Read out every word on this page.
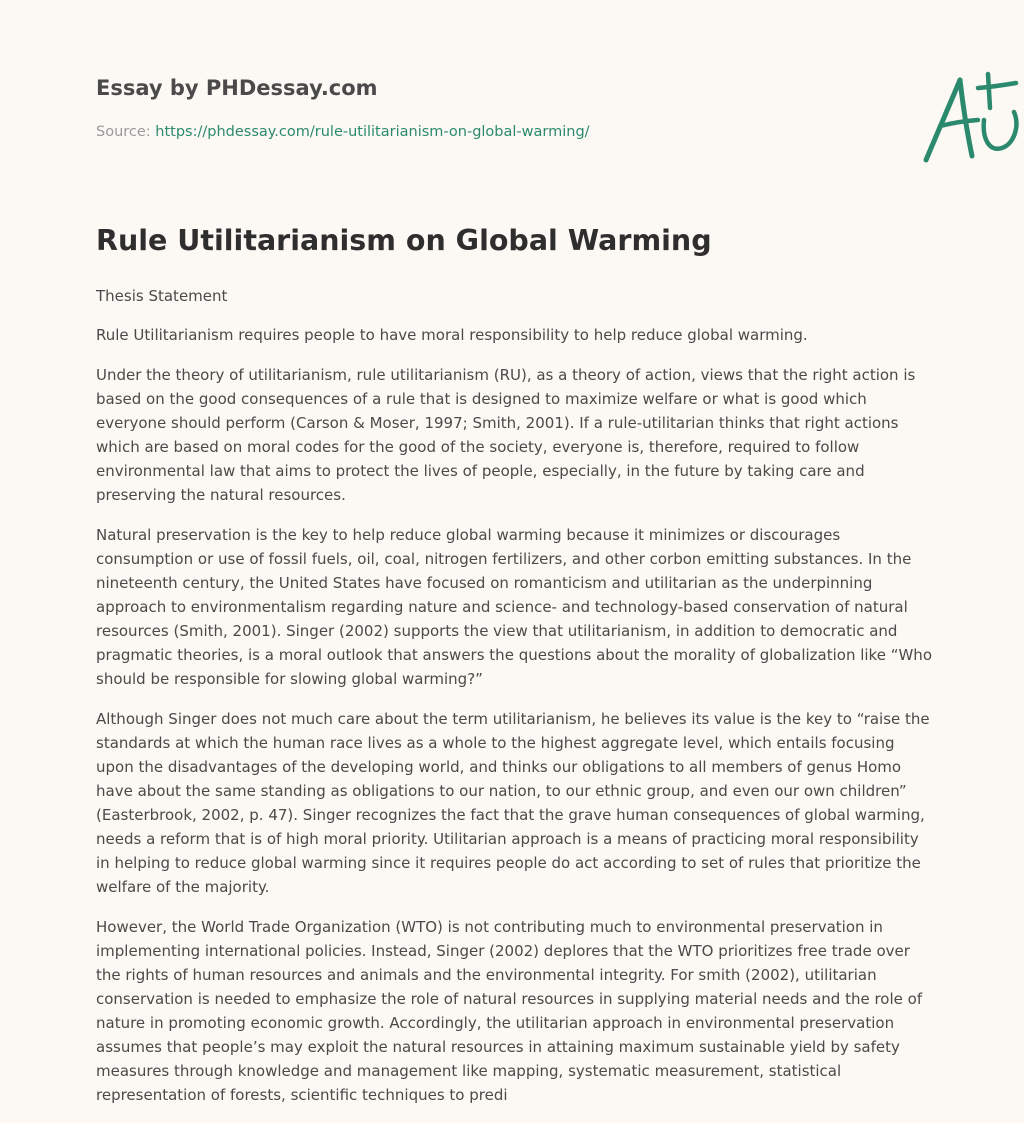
Essay by PHDessay.com
Source: https://phdessay.com/rule-utilitarianism-on-global-warming/
Rule Utilitarianism on Global Warming

Thesis Statement

Rule Utilitarianism requires people to have moral responsibility to help reduce global warming.

Under the theory of utilitarianism, rule utilitarianism (RU), as a theory of action, views that the right action is based on the good consequences of a rule that is designed to maximize welfare or what is good which everyone should perform (Carson & Moser, 1997; Smith, 2001). If a rule-utilitarian thinks that right actions which are based on moral codes for the good of the society, everyone is, therefore, required to follow environmental law that aims to protect the lives of people, especially, in the future by taking care and preserving the natural resources.

Natural preservation is the key to help reduce global warming because it minimizes or discourages consumption or use of fossil fuels, oil, coal, nitrogen fertilizers, and other corbon emitting substances. In the nineteenth century, the United States have focused on romanticism and utilitarian as the underpinning approach to environmentalism regarding nature and science- and technology-based conservation of natural resources (Smith, 2001). Singer (2002) supports the view that utilitarianism, in addition to democratic and pragmatic theories, is a moral outlook that answers the questions about the morality of globalization like “Who should be responsible for slowing global warming?”

Although Singer does not much care about the term utilitarianism, he believes its value is the key to “raise the standards at which the human race lives as a whole to the highest aggregate level, which entails focusing upon the disadvantages of the developing world, and thinks our obligations to all members of genus Homo have about the same standing as obligations to our nation, to our ethnic group, and even our own children” (Easterbrook, 2002, p. 47). Singer recognizes the fact that the grave human consequences of global warming, needs a reform that is of high moral priority. Utilitarian approach is a means of practicing moral responsibility in helping to reduce global warming since it requires people do act according to set of rules that prioritize the welfare of the majority.

However, the World Trade Organization (WTO) is not contributing much to environmental preservation in implementing international policies. Instead, Singer (2002) deplores that the WTO prioritizes free trade over the rights of human resources and animals and the environmental integrity. For smith (2002), utilitarian conservation is needed to emphasize the role of natural resources in supplying material needs and the role of nature in promoting economic growth. Accordingly, the utilitarian approach in environmental preservation assumes that people’s may exploit the natural resources in attaining maximum sustainable yield by safety measures through knowledge and management like mapping, systematic measurement, statistical representation of forests, scientific techniques to predi
